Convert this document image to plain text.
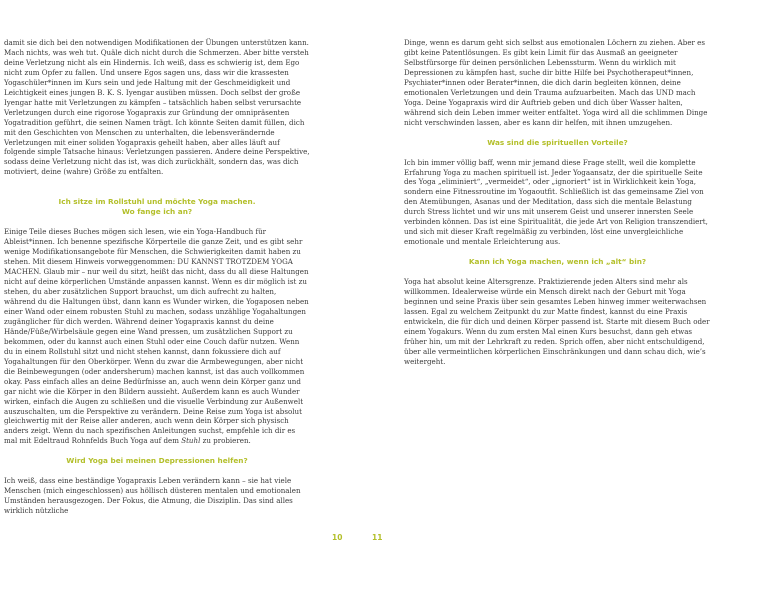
damit sie dich bei den notwendigen Modifikationen der Übungen unterstützen kann. Mach nichts, was weh tut. Quäle dich nicht durch die Schmerzen. Aber bitte versteh deine Verletzung nicht als ein Hindernis. Ich weiß, dass es schwierig ist, dem Ego nicht zum Opfer zu fallen. Und unsere Egos sagen uns, dass wir die krassesten Yogaschüler*innen im Kurs sein und jede Haltung mit der Geschmeidigkeit und Leichtigkeit eines jungen B. K. S. Iyengar ausüben müssen. Doch selbst der große Iyengar hatte mit Verletzungen zu kämpfen – tatsächlich haben selbst verursachte Verletzungen durch eine rigorose Yogapraxis zur Gründung der omnipräsenten Yogatradition geführt, die seinen Namen trägt. Ich könnte Seiten damit füllen, dich mit den Geschichten von Menschen zu unterhalten, die lebensverändernde Verletzungen mit einer soliden Yogapraxis geheilt haben, aber alles läuft auf folgende simple Tatsache hinaus: Verletzungen passieren. Andere deine Perspektive, sodass deine Verletzung nicht das ist, was dich zurückhält, sondern das, was dich motiviert, deine (wahre) Größe zu entfalten.

Ich sitze im Rollstuhl und möchte Yoga machen.
Wo fange ich an?

Einige Teile dieses Buches mögen sich lesen, wie ein Yoga-Handbuch für Ableist*innen. Ich benenne spezifische Körperteile die ganze Zeit, und es gibt sehr wenige Modifikationsangebote für Menschen, die Schwierigkeiten damit haben zu stehen. Mit diesem Hinweis vorweggenommen: DU KANNST TROTZDEM YOGA MACHEN. Glaub mir – nur weil du sitzt, heißt das nicht, dass du all diese Haltungen nicht auf deine körperlichen Umstände anpassen kannst. Wenn es dir möglich ist zu stehen, du aber zusätzlichen Support brauchst, um dich aufrecht zu halten, während du die Haltungen übst, dann kann es Wunder wirken, die Yogaposen neben einer Wand oder einem robusten Stuhl zu machen, sodass unzählige Yogahaltungen zugänglicher für dich werden. Während deiner Yogapraxis kannst du deine Hände/Füße/Wirbelsäule gegen eine Wand pressen, um zusätzlichen Support zu bekommen, oder du kannst auch einen Stuhl oder eine Couch dafür nutzen. Wenn du in einem Rollstuhl sitzt und nicht stehen kannst, dann fokussiere dich auf Yogahaltungen für den Oberkörper. Wenn du zwar die Armbewegungen, aber nicht die Beinbewegungen (oder andersherum) machen kannst, ist das auch vollkommen okay. Pass einfach alles an deine Bedürfnisse an, auch wenn dein Körper ganz und gar nicht wie die Körper in den Bildern aussieht. Außerdem kann es auch Wunder wirken, einfach die Augen zu schließen und die visuelle Verbindung zur Außenwelt auszuschalten, um die Perspektive zu verändern. Deine Reise zum Yoga ist absolut gleichwertig mit der Reise aller anderen, auch wenn dein Körper sich physisch anders zeigt. Wenn du nach spezifischen Anleitungen suchst, empfehle ich dir es mal mit Edeltraud Rohnfelds Buch Yoga auf dem Stuhl zu probieren.

Wird Yoga bei meinen Depressionen helfen?

Ich weiß, dass eine beständige Yogapraxis Leben verändern kann – sie hat viele Menschen (mich eingeschlossen) aus höllisch düsteren mentalen und emotionalen Umständen herausgezogen. Der Fokus, die Atmung, die Disziplin. Das sind alles wirklich nützliche

Dinge, wenn es darum geht sich selbst aus emotionalen Löchern zu ziehen. Aber es gibt keine Patentlösungen. Es gibt kein Limit für das Ausmaß an geeigneter Selbstfürsorge für deinen persönlichen Lebenssturm. Wenn du wirklich mit Depressionen zu kämpfen hast, suche dir bitte Hilfe bei Psychotherapeut*innen, Psychiater*innen oder Berater*innen, die dich darin begleiten können, deine emotionalen Verletzungen und dein Trauma aufzuarbeiten. Mach das UND mach Yoga. Deine Yogapraxis wird dir Auftrieb geben und dich über Wasser halten, während sich dein Leben immer weiter entfaltet. Yoga wird all die schlimmen Dinge nicht verschwinden lassen, aber es kann dir helfen, mit ihnen umzugehen.

Was sind die spirituellen Vorteile?

Ich bin immer völlig baff, wenn mir jemand diese Frage stellt, weil die komplette Erfahrung Yoga zu machen spirituell ist. Jeder Yogaansatz, der die spirituelle Seite des Yoga „eliminiert“, „vermeidet“, oder „ignoriert“ ist in Wirklichkeit kein Yoga, sondern eine Fitnessroutine im Yogaoutfit. Schließlich ist das gemeinsame Ziel von den Atemübungen, Asanas und der Meditation, dass sich die mentale Belastung durch Stress lichtet und wir uns mit unserem Geist und unserer innersten Seele verbinden können. Das ist eine Spiritualität, die jede Art von Religion transzendiert, und sich mit dieser Kraft regelmäßig zu verbinden, löst eine unvergleichliche emotionale und mentale Erleichterung aus.

Kann ich Yoga machen, wenn ich „alt“ bin?

Yoga hat absolut keine Altersgrenze. Praktizierende jeden Alters sind mehr als willkommen. Idealerweise würde ein Mensch direkt nach der Geburt mit Yoga beginnen und seine Praxis über sein gesamtes Leben hinweg immer weiterwachsen lassen. Egal zu welchem Zeitpunkt du zur Matte findest, kannst du eine Praxis entwickeln, die für dich und deinen Körper passend ist. Starte mit diesem Buch oder einem Yogakurs. Wenn du zum ersten Mal einen Kurs besuchst, dann geh etwas früher hin, um mit der Lehrkraft zu reden. Sprich offen, aber nicht entschuldigend, über alle vermeintlichen körperlichen Einschränkungen und dann schau dich, wie’s weitergeht.

10	11
